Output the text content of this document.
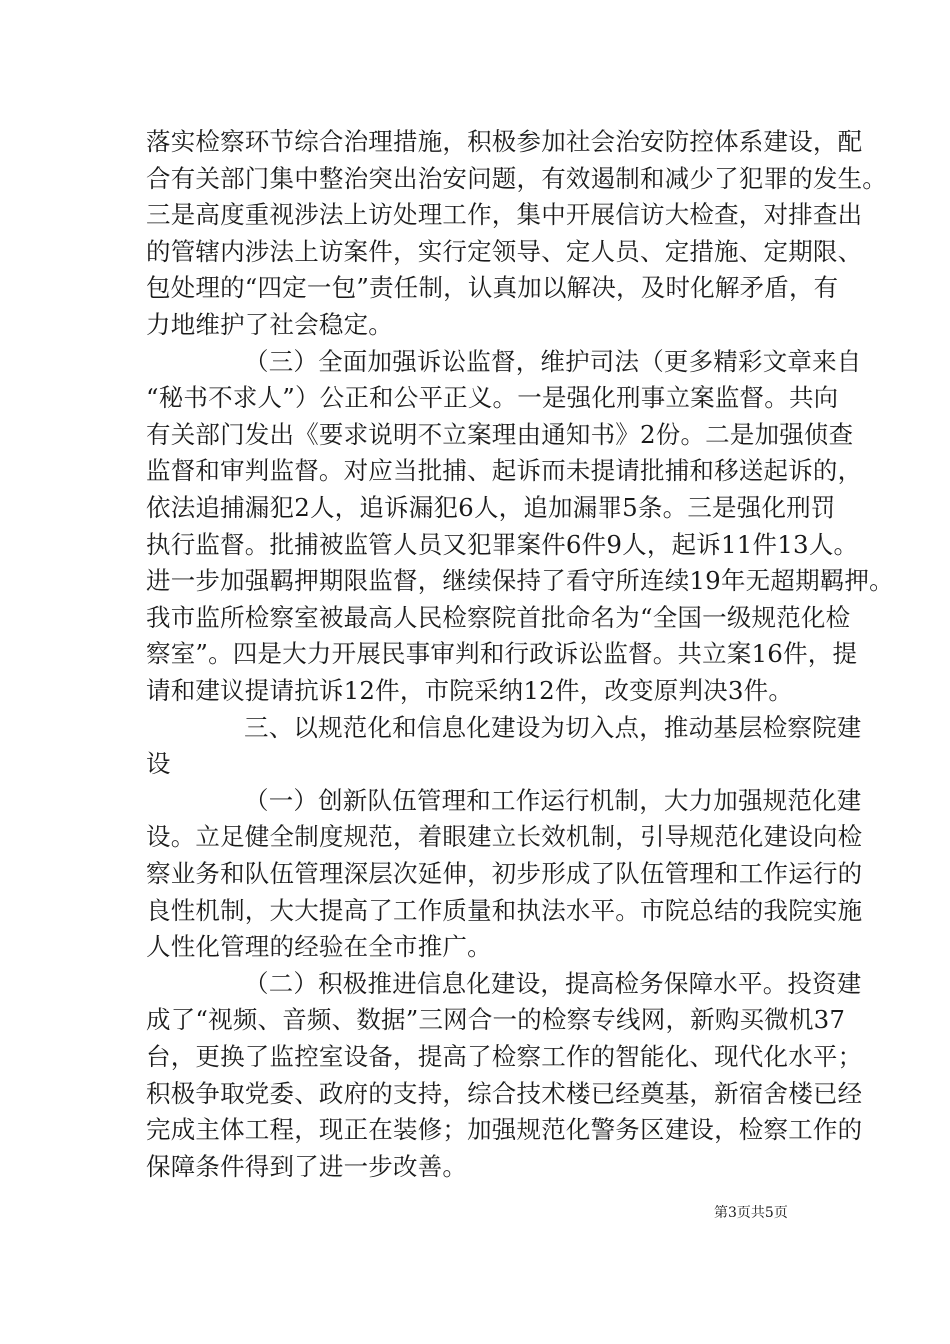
落实检察环节综合治理措施，积极参加社会治安防控体系建设，配
合有关部门集中整治突出治安问题，有效遏制和减少了犯罪的发生。
三是高度重视涉法上访处理工作，集中开展信访大检查，对排查出
的管辖内涉法上访案件，实行定领导、定人员、定措施、定期限、
包处理的“四定一包”责任制，认真加以解决，及时化解矛盾，有
力地维护了社会稳定。
（三）全面加强诉讼监督，维护司法（更多精彩文章来自
“秘书不求人”）公正和公平正义。一是强化刑事立案监督。共向
有关部门发出《要求说明不立案理由通知书》2份。二是加强侦查
监督和审判监督。对应当批捕、起诉而未提请批捕和移送起诉的，
依法追捕漏犯2人，追诉漏犯6人，追加漏罪5条。三是强化刑罚
执行监督。批捕被监管人员又犯罪案件6件9人，起诉11件13人。
进一步加强羁押期限监督，继续保持了看守所连续19年无超期羁押。
我市监所检察室被最高人民检察院首批命名为“全国一级规范化检
察室”。四是大力开展民事审判和行政诉讼监督。共立案16件，提
请和建议提请抗诉12件，市院采纳12件，改变原判决3件。
三、以规范化和信息化建设为切入点，推动基层检察院建
设
（一）创新队伍管理和工作运行机制，大力加强规范化建
设。立足健全制度规范，着眼建立长效机制，引导规范化建设向检
察业务和队伍管理深层次延伸，初步形成了队伍管理和工作运行的
良性机制，大大提高了工作质量和执法水平。市院总结的我院实施
人性化管理的经验在全市推广。
（二）积极推进信息化建设，提高检务保障水平。投资建
成了“视频、音频、数据”三网合一的检察专线网，新购买微机37
台，更换了监控室设备，提高了检察工作的智能化、现代化水平；
积极争取党委、政府的支持，综合技术楼已经奠基，新宿舍楼已经
完成主体工程，现正在装修；加强规范化警务区建设，检察工作的
保障条件得到了进一步改善。
第3页共5页
